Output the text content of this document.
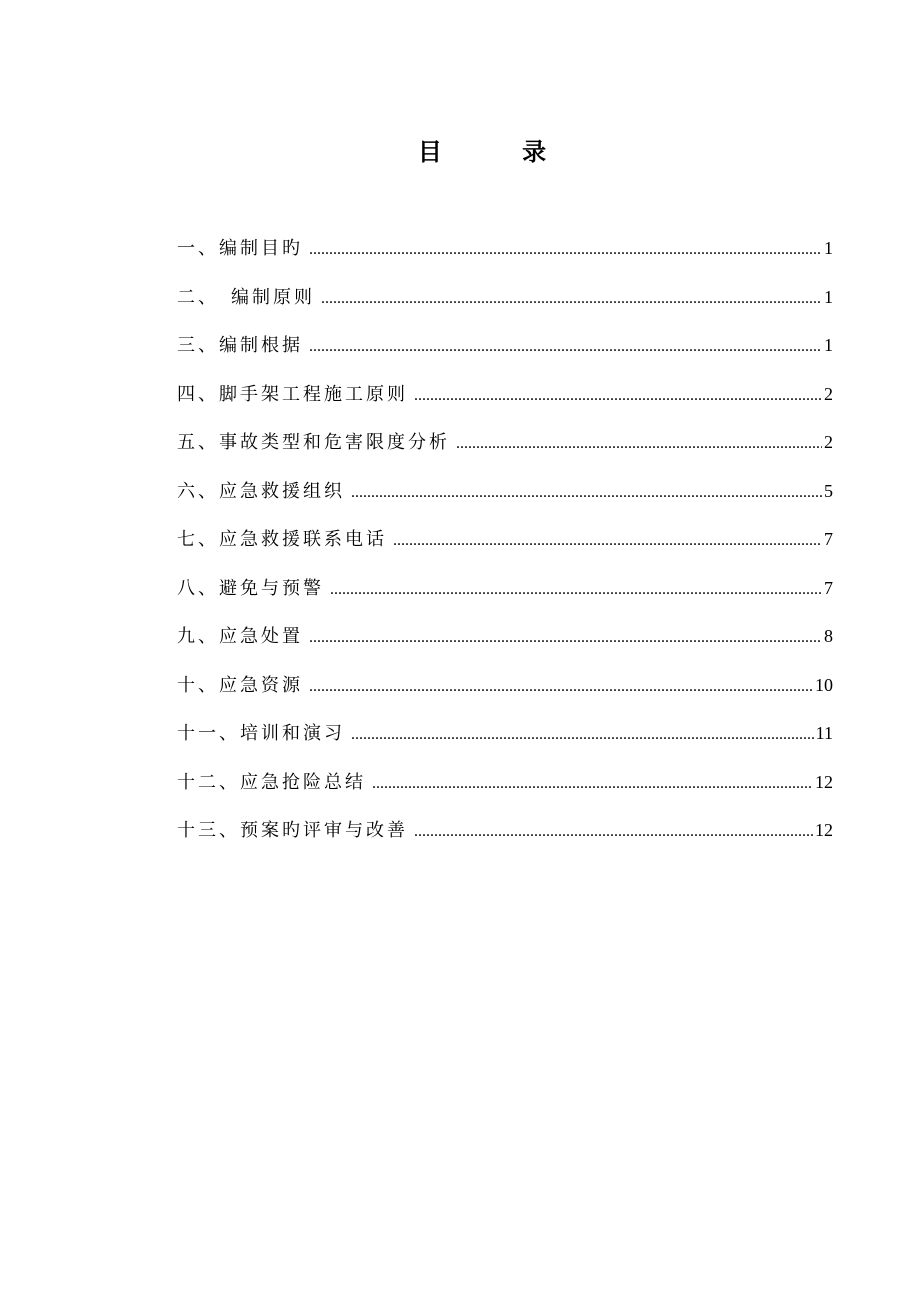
目 录
一、编制目旳 .....	1
二、　编制原则 .....	1
三、编制根据 .....	1
四、脚手架工程施工原则 .....	2
五、事故类型和危害限度分析 .....	2
六、应急救援组织 .....	5
七、应急救援联系电话 .....	7
八、避免与预警 .....	7
九、应急处置 .....	8
十、应急资源 .....	10
十一、培训和演习 .....	11
十二、应急抢险总结 .....	12
十三、预案旳评审与改善 .....	12
